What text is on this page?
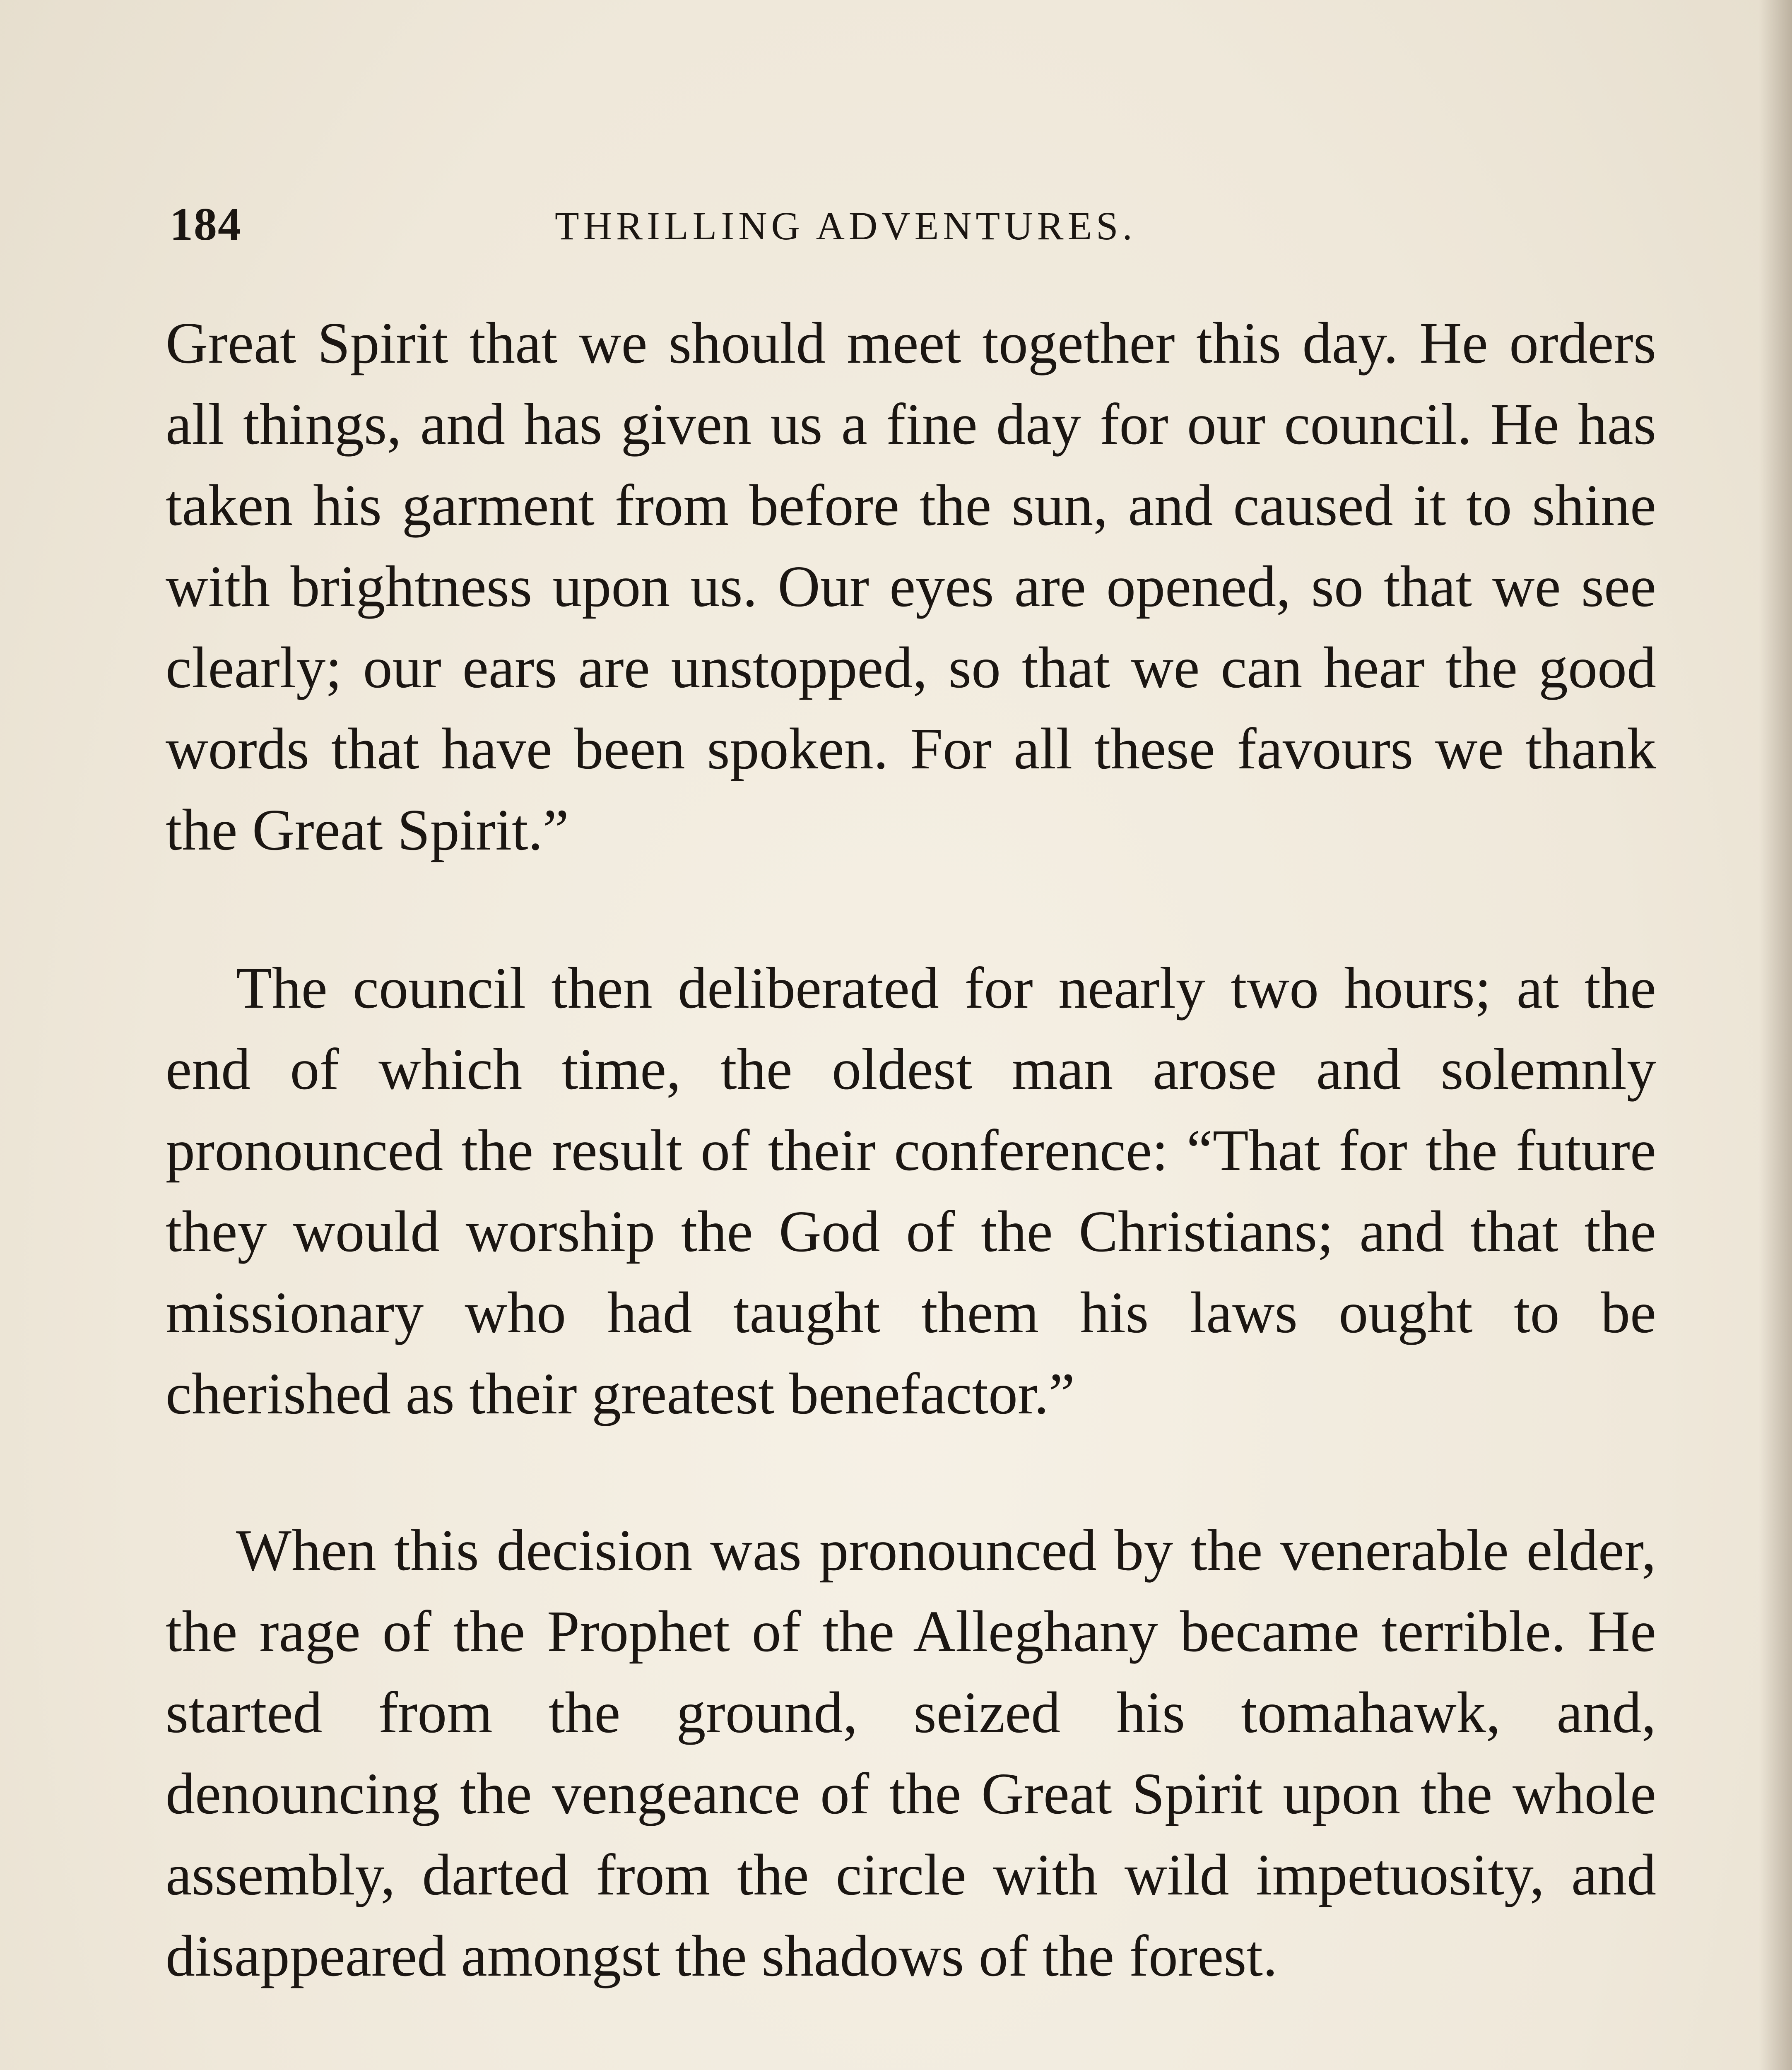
184	THRILLING ADVENTURES.

Great Spirit that we should meet together this day. He orders all things, and has given us a fine day for our council. He has taken his garment from before the sun, and caused it to shine with brightness upon us. Our eyes are opened, so that we see clearly; our ears are unstopped, so that we can hear the good words that have been spoken. For all these favours we thank the Great Spirit.”

The council then deliberated for nearly two hours; at the end of which time, the oldest man arose and solemnly pronounced the result of their conference: “That for the future they would worship the God of the Christians; and that the missionary who had taught them his laws ought to be cherished as their greatest benefactor.”

When this decision was pronounced by the venerable elder, the rage of the Prophet of the Alleghany became terrible. He started from the ground, seized his tomahawk, and, denouncing the vengeance of the Great Spirit upon the whole assembly, darted from the circle with wild impetuosity, and disappeared amongst the shadows of the forest.
